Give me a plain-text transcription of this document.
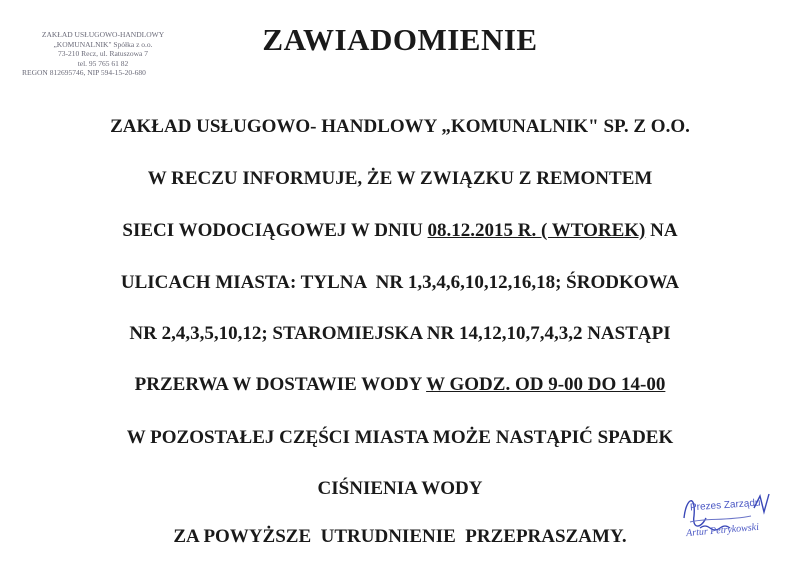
ZAKŁAD USŁUGOWO-HANDLOWY
„KOMUNALNIK" Spółka z o.o.
73-210 Recz, ul. Ratuszowa 7
tel. 95 765 61 82
REGON 812695746, NIP 594-15-20-680
ZAWIADOMIENIE
ZAKŁAD USŁUGOWO- HANDLOWY „KOMUNALNIK" SP. Z O.O.
W RECZU INFORMUJE, ŻE W ZWIĄZKU Z REMONTEM
SIECI WODOCIĄGOWEJ W DNIU 08.12.2015 R. ( WTOREK) NA
ULICACH MIASTA: TYLNA  NR 1,3,4,6,10,12,16,18; ŚRODKOWA
NR 2,4,3,5,10,12; STAROMIEJSKA NR 14,12,10,7,4,3,2 NASTĄPI
PRZERWA W DOSTAWIE WODY W GODZ. OD 9-00 DO 14-00
W POZOSTAŁEJ CZĘŚCI MIASTA MOŻE NASTĄPIĆ SPADEK
CIŚNIENIA WODY
ZA POWYŻSZE  UTRUDNIENIE  PRZEPRASZAMY.
Prezes Zarządu
Artur Petrykowski
